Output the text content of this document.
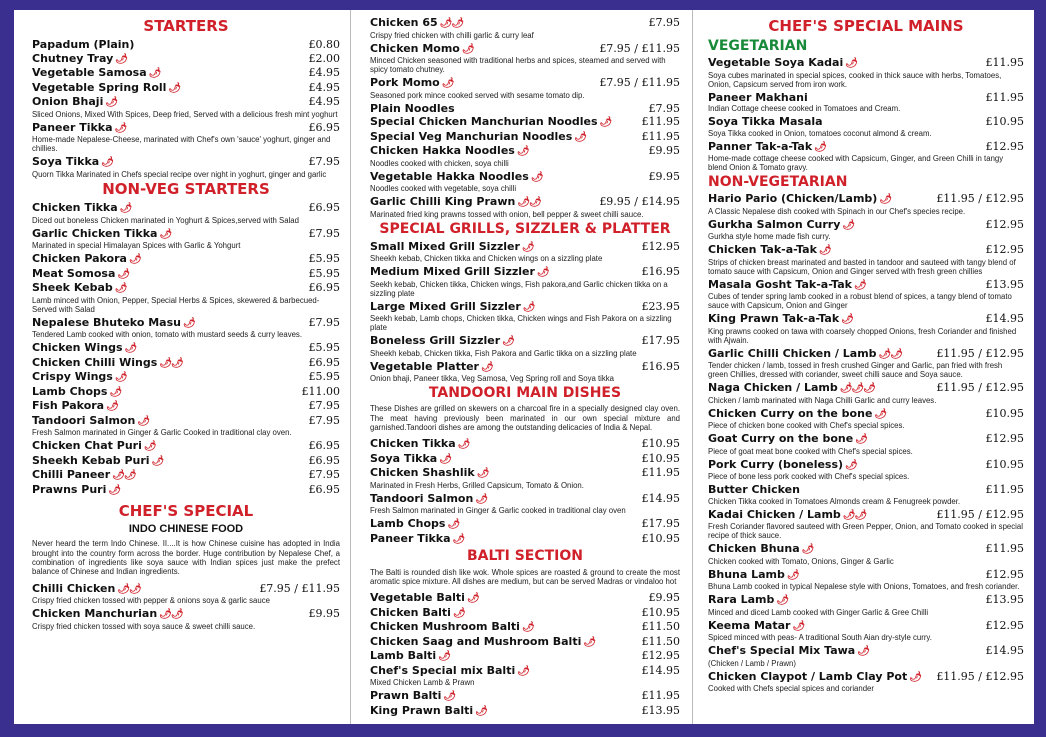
STARTERS
Papadum (Plain)	£0.80
Chutney Tray 🌶	£2.00
Vegetable Samosa 🌶	£4.95
Vegetable Spring Roll 🌶	£4.95
Onion Bhaji 🌶	£4.95
Sliced Onions, Mixed With Spices, Deep fried, Served with a delicious fresh mint yoghurt
Paneer Tikka 🌶	£6.95
Home-made Nepalese-Cheese, marinated with Chef's own 'sauce' yoghurt, ginger and chillies.
Soya Tikka 🌶	£7.95
Quorn Tikka Marinated in Chefs special recipe over night in yoghurt, ginger and garlic
NON-VEG STARTERS
Chicken Tikka 🌶	£6.95
Diced out boneless Chicken marinated in Yoghurt & Spices,served with Salad
Garlic Chicken Tikka 🌶	£7.95
Marinated in special Himalayan Spices with Garlic & Yohgurt
Chicken Pakora 🌶	£5.95
Meat Somosa 🌶	£5.95
Sheek Kebab 🌶	£6.95
Lamb minced with Onion, Pepper, Special Herbs & Spices, skewered & barbecued-Served with Salad
Nepalese Bhuteko Masu 🌶	£7.95
Tendered Lamb cooked with onion, tomato with mustard seeds & curry leaves.
Chicken Wings 🌶	£5.95
Chicken Chilli Wings 🌶🌶	£6.95
Crispy Wings 🌶	£5.95
Lamb Chops 🌶	£11.00
Fish Pakora 🌶	£7.95
Tandoori Salmon 🌶	£7.95
Fresh Salmon marinated in Ginger & Garlic Cooked in traditional clay oven.
Chicken Chat Puri 🌶	£6.95
Sheekh Kebab Puri 🌶	£6.95
Chilli Paneer 🌶🌶	£7.95
Prawns Puri 🌶	£6.95
CHEF'S SPECIAL
INDO CHINESE FOOD
Never heard the term Indo Chinese. II....It is how Chinese cuisine has adopted in India brought into the country form across the border. Huge contribution by Nepalese Chef, a combination of ingredients like soya sauce with Indian spices just make the prefect balance of Chinese and Indian ingredients.
Chilli Chicken 🌶🌶	£7.95 / £11.95
Crispy fried chicken tossed with pepper & onions soya & garlic sauce
Chicken Manchurian 🌶🌶	£9.95
Crispy fried chicken tossed with soya sauce & sweet chilli sauce.
Chicken 65 🌶🌶	£7.95
Crispy fried chicken with chilli garlic & curry leaf
Chicken Momo 🌶	£7.95 / £11.95
Minced Chicken seasoned with traditional herbs and spices, steamed and served with spicy tomato chutney.
Pork Momo 🌶	£7.95 / £11.95
Seasoned pork mince cooked served with sesame tomato dip.
Plain Noodles	£7.95
Special Chicken Manchurian Noodles 🌶	£11.95
Special Veg Manchurian Noodles 🌶	£11.95
Chicken Hakka Noodles 🌶	£9.95
Noodles cooked with chicken, soya chilli
Vegetable Hakka Noodles 🌶	£9.95
Noodles cooked with vegetable, soya chilli
Garlic Chilli King Prawn 🌶🌶	£9.95 / £14.95
Marinated fried king prawns tossed with onion, bell pepper & sweet chilli sauce.
SPECIAL GRILLS, SIZZLER & PLATTER
Small Mixed Grill Sizzler 🌶	£12.95
Sheekh kebab, Chicken tikka and Chicken wings on a sizzling plate
Medium Mixed Grill Sizzler 🌶	£16.95
Seekh kebab, Chicken tikka, Chicken wings, Fish pakora,and Garlic chicken tikka on a sizzling plate
Large Mixed Grill Sizzler 🌶	£23.95
Seekh kebab, Lamb chops, Chicken tikka, Chicken wings and Fish Pakora on a sizzling plate
Boneless Grill Sizzler 🌶	£17.95
Sheekh kebab, Chicken tikka, Fish Pakora and Garlic tikka on a sizzling plate
Vegetable Platter 🌶	£16.95
Onion bhaji, Paneer tikka, Veg Samosa, Veg Spring roll and Soya tikka
TANDOORI MAIN DISHES
These Dishes are grilled on skewers on a charcoal fire in a specially designed clay oven. The meat having previously been marinated in our own special mixture and garnished.Tandoori dishes are among the outstanding delicacies of India & Nepal.
Chicken Tikka 🌶	£10.95
Soya Tikka 🌶	£10.95
Chicken Shashlik 🌶	£11.95
Marinated in Fresh Herbs, Grilled Capsicum, Tomato & Onion.
Tandoori Salmon 🌶	£14.95
Fresh Salmon marinated in Ginger & Garlic cooked in traditional clay oven
Lamb Chops 🌶	£17.95
Paneer Tikka 🌶	£10.95
BALTI SECTION
The Balti is rounded dish like wok. Whole spices are roasted & ground to create the most aromatic spice mixture. All dishes are medium, but can be served Madras or vindaloo hot
Vegetable Balti 🌶	£9.95
Chicken Balti 🌶	£10.95
Chicken Mushroom Balti 🌶	£11.50
Chicken Saag and Mushroom Balti 🌶	£11.50
Lamb Balti 🌶	£12.95
Chef's Special mix Balti 🌶	£14.95
Mixed Chicken Lamb & Prawn
Prawn Balti 🌶	£11.95
King Prawn Balti 🌶	£13.95
CHEF'S SPECIAL MAINS
VEGETARIAN
Vegetable Soya Kadai 🌶	£11.95
Soya cubes marinated in special spices, cooked in thick sauce with herbs, Tomatoes, Onion, Capsicum served from iron work.
Paneer Makhani	£11.95
Indian Cottage cheese cooked in Tomatoes and Cream.
Soya Tikka Masala	£10.95
Soya Tikka cooked in Onion, tomatoes coconut almond & cream.
Panner Tak-a-Tak 🌶	£12.95
Home-made cottage cheese cooked with Capsicum, Ginger, and Green Chilli in tangy blend Onion & Tomato gravy.
NON-VEGETARIAN
Hario Pario (Chicken/Lamb) 🌶	£11.95 / £12.95
A Classic Nepalese dish cooked with Spinach in our Chef's species recipe.
Gurkha Salmon Curry 🌶	£12.95
Gurkha style home made fish curry.
Chicken Tak-a-Tak 🌶	£12.95
Strips of chicken breast marinated and basted in tandoor and sauteed with tangy blend of tomato sauce with Capsicum, Onion and Ginger served with fresh green chillies
Masala Gosht Tak-a-Tak 🌶	£13.95
Cubes of tender spring lamb cooked in a robust blend of spices, a tangy blend of tomato sauce with Capsicum, Onion and Ginger
King Prawn Tak-a-Tak 🌶	£14.95
King prawns cooked on tawa with coarsely chopped Onions, fresh Coriander and finished with Ajwain.
Garlic Chilli Chicken / Lamb 🌶🌶	£11.95 / £12.95
Tender chicken / lamb, tossed in fresh crushed Ginger and Garlic, pan fried with fresh green Chillies, dressed with coriander, sweet chilli sauce and Soya sauce.
Naga Chicken / Lamb 🌶🌶🌶	£11.95 / £12.95
Chicken / lamb marinated with Naga Chilli Garlic and curry leaves.
Chicken Curry on the bone 🌶	£10.95
Piece of chicken bone cooked with Chef's special spices.
Goat Curry on the bone 🌶	£12.95
Piece of goat meat bone cooked with Chef's special spices.
Pork Curry (boneless) 🌶	£10.95
Piece of bone less pork cooked with Chef's special spices.
Butter Chicken	£11.95
Chicken Tikka cooked in Tomatoes Almonds cream & Fenugreek powder.
Kadai Chicken / Lamb 🌶🌶	£11.95 / £12.95
Fresh Coriander flavored sauteed with Green Pepper, Onion, and Tomato cooked in special recipe of thick sauce.
Chicken Bhuna 🌶	£11.95
Chicken cooked with Tomato, Onions, Ginger & Garlic
Bhuna Lamb 🌶	£12.95
Bhuna Lamb cooked in typical Nepalese style with Onions, Tomatoes, and fresh coriander.
Rara Lamb 🌶	£13.95
Minced and diced Lamb cooked with Ginger Garlic & Gree Chilli
Keema Matar 🌶	£12.95
Spiced minced with peas- A traditional South Aian dry-style curry.
Chef's Special Mix Tawa 🌶	£14.95
(Chicken / Lamb / Prawn)
Chicken Claypot / Lamb Clay Pot 🌶 £11.95 / £12.95
Cooked with Chefs special spices and coriander
